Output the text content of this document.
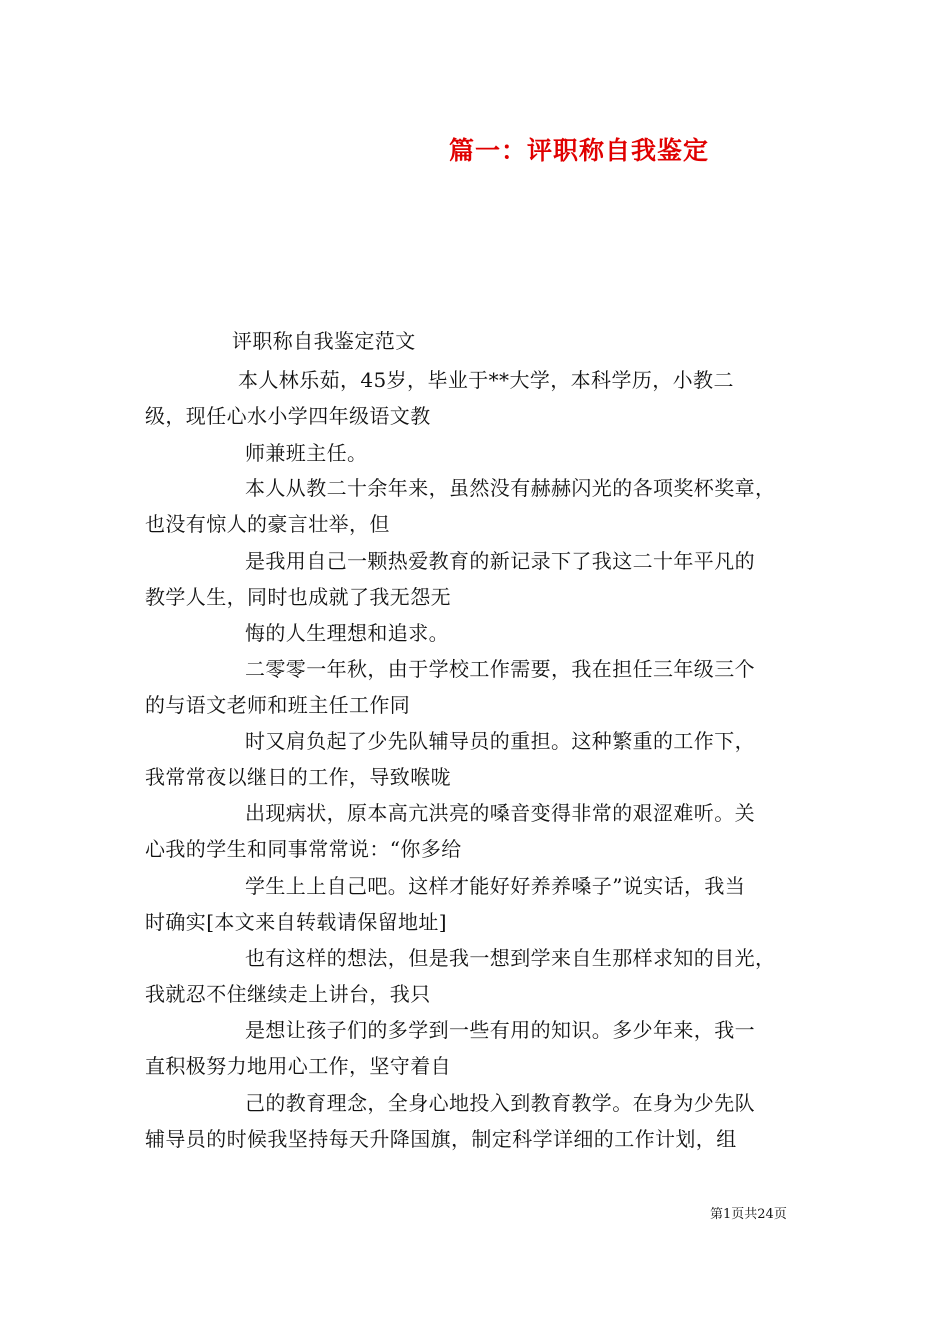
篇一：评职称自我鉴定
评职称自我鉴定范文
本人林乐茹，45岁，毕业于**大学，本科学历，小教二
级，现任心水小学四年级语文教
师兼班主任。
本人从教二十余年来，虽然没有赫赫闪光的各项奖杯奖章，
也没有惊人的豪言壮举，但
是我用自己一颗热爱教育的新记录下了我这二十年平凡的
教学人生，同时也成就了我无怨无
悔的人生理想和追求。
二零零一年秋，由于学校工作需要，我在担任三年级三个
的与语文老师和班主任工作同
时又肩负起了少先队辅导员的重担。这种繁重的工作下，
我常常夜以继日的工作，导致喉咙
出现病状，原本高亢洪亮的嗓音变得非常的艰涩难听。关
心我的学生和同事常常说：“你多给
学生上上自己吧。这样才能好好养养嗓子”说实话，我当
时确实[本文来自转载请保留地址]
也有这样的想法，但是我一想到学来自生那样求知的目光，
我就忍不住继续走上讲台，我只
是想让孩子们的多学到一些有用的知识。多少年来，我一
直积极努力地用心工作，坚守着自
己的教育理念，全身心地投入到教育教学。在身为少先队
辅导员的时候我坚持每天升降国旗，制定科学详细的工作计划，组
第1页共24页
